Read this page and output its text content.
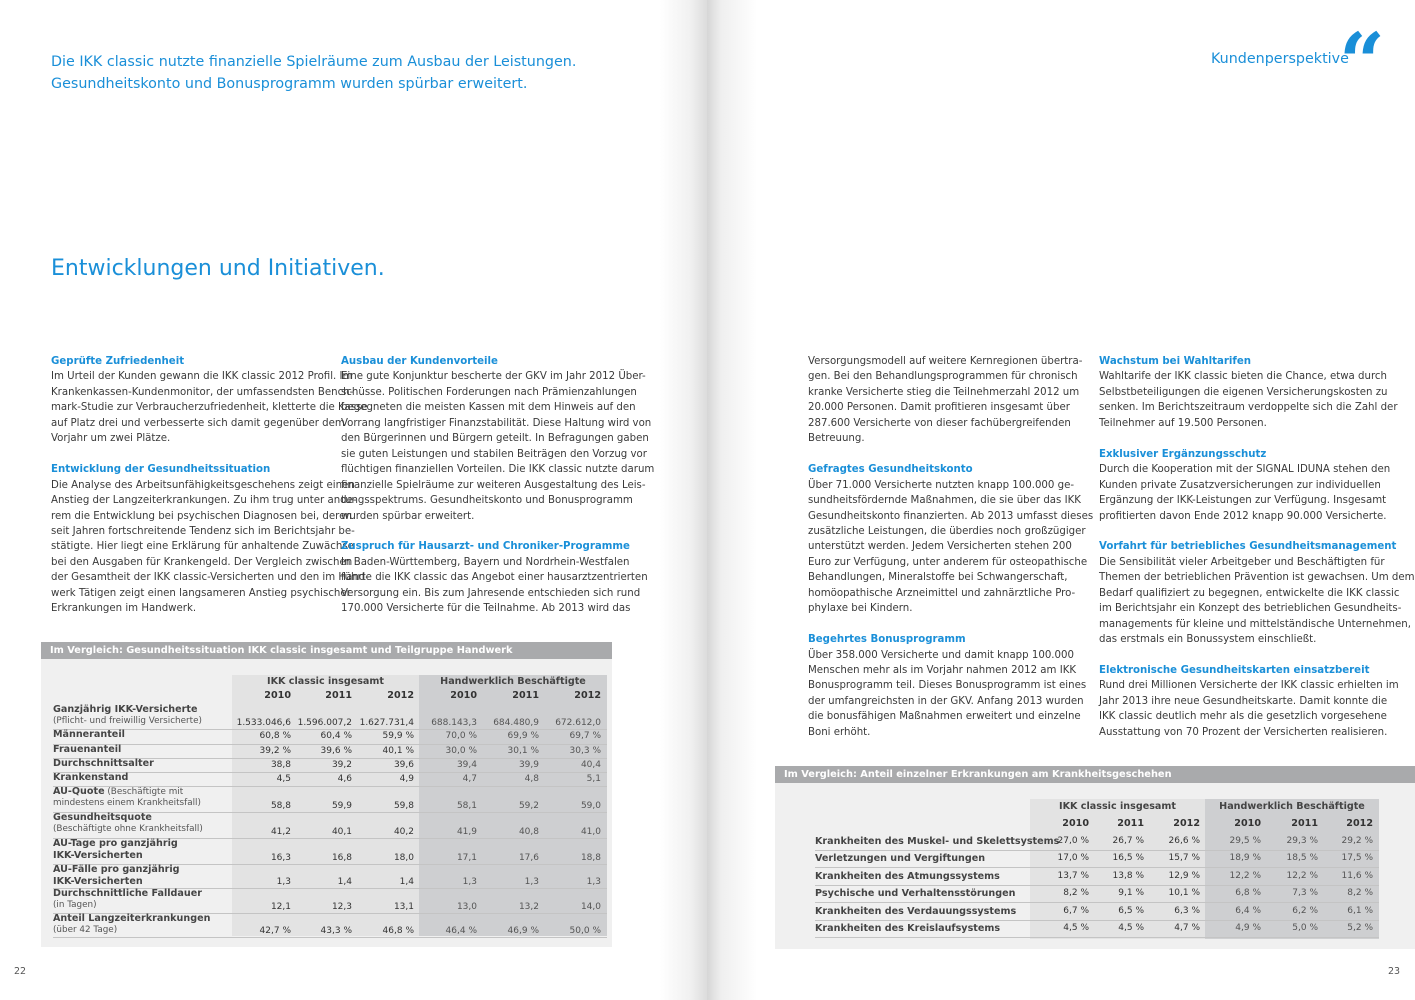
Die IKK classic nutzte finanzielle Spielräume zum Ausbau der Leistungen.
Gesundheitskonto und Bonusprogramm wurden spürbar erweitert.
Entwicklungen und Initiativen.
Geprüfte Zufriedenheit
Im Urteil der Kunden gewann die IKK classic 2012 Profil. Im
Krankenkassen-Kundenmonitor, der umfassendsten Bench-
mark-Studie zur Verbraucherzufriedenheit, kletterte die Kasse
auf Platz drei und verbesserte sich damit gegenüber dem
Vorjahr um zwei Plätze.
Entwicklung der Gesundheitssituation
Die Analyse des Arbeitsunfähigkeitsgeschehens zeigt einen
Anstieg der Langzeiterkrankungen. Zu ihm trug unter ande-
rem die Entwicklung bei psychischen Diagnosen bei, deren
seit Jahren fortschreitende Tendenz sich im Berichtsjahr be-
stätigte. Hier liegt eine Erklärung für anhaltende Zuwächse
bei den Ausgaben für Krankengeld. Der Vergleich zwischen
der Gesamtheit der IKK classic-Versicherten und den im Hand-
werk Tätigen zeigt einen langsameren Anstieg psychischer
Erkrankungen im Handwerk.
Ausbau der Kundenvorteile
Eine gute Konjunktur bescherte der GKV im Jahr 2012 Über-
schüsse. Politischen Forderungen nach Prämienzahlungen
begegneten die meisten Kassen mit dem Hinweis auf den
Vorrang langfristiger Finanzstabilität. Diese Haltung wird von
den Bürgerinnen und Bürgern geteilt. In Befragungen gaben
sie guten Leistungen und stabilen Beiträgen den Vorzug vor
flüchtigen finanziellen Vorteilen. Die IKK classic nutzte darum
finanzielle Spielräume zur weiteren Ausgestaltung des Leis-
tungsspektrums. Gesundheitskonto und Bonusprogramm
wurden spürbar erweitert.
Zuspruch für Hausarzt- und Chroniker-Programme
In Baden-Württemberg, Bayern und Nordrhein-Westfalen
führte die IKK classic das Angebot einer hausarztzentrierten
Versorgung ein. Bis zum Jahresende entschieden sich rund
170.000 Versicherte für die Teilnahme. Ab 2013 wird das
Im Vergleich: Gesundheitssituation IKK classic insgesamt und Teilgruppe Handwerk
IKK classic insgesamt	Handwerklich Beschäftigte
2010	2011	2012	2010	2011	2012
Ganzjährig IKK-Versicherte
(Pflicht- und freiwillig Versicherte)	1.533.046,6 1.596.007,2 1.627.731,4	688.143,3	684.480,9	672.612,0
Männeranteil	60,8 %	60,4 %	59,9 %	70,0 %	69,9 %	69,7 %
Frauenanteil	39,2 %	39,6 %	40,1 %	30,0 %	30,1 %	30,3 %
Durchschnittsalter	38,8	39,2	39,6	39,4	39,9	40,4
Krankenstand	4,5	4,6	4,9	4,7	4,8	5,1
AU-Quote (Beschäftigte mit
mindestens einem Krankheitsfall)	58,8	59,9	59,8	58,1	59,2	59,0
Gesundheitsquote
(Beschäftigte ohne Krankheitsfall)	41,2	40,1	40,2	41,9	40,8	41,0
AU-Tage pro ganzjährig
IKK-Versicherten	16,3	16,8	18,0	17,1	17,6	18,8
AU-Fälle pro ganzjährig
IKK-Versicherten	1,3	1,4	1,4	1,3	1,3	1,3
Durchschnittliche Falldauer
(in Tagen)	12,1	12,3	13,1	13,0	13,2	14,0
Anteil Langzeiterkrankungen
(über 42 Tage)	42,7 %	43,3 %	46,8 %	46,4 %	46,9 %	50,0 %
22
Kundenperspektive
“
Versorgungsmodell auf weitere Kernregionen übertra-
gen. Bei den Behandlungsprogrammen für chronisch
kranke Versicherte stieg die Teilnehmerzahl 2012 um
20.000 Personen. Damit profitieren insgesamt über
287.600 Versicherte von dieser fachübergreifenden
Betreuung.
Gefragtes Gesundheitskonto
Über 71.000 Versicherte nutzten knapp 100.000 ge-
sundheitsfördernde Maßnahmen, die sie über das IKK
Gesundheitskonto finanzierten. Ab 2013 umfasst dieses
zusätzliche Leistungen, die überdies noch großzügiger
unterstützt werden. Jedem Versicherten stehen 200
Euro zur Verfügung, unter anderem für osteopathische
Behandlungen, Mineralstoffe bei Schwangerschaft,
homöopathische Arzneimittel und zahnärztliche Pro-
phylaxe bei Kindern.
Begehrtes Bonusprogramm
Über 358.000 Versicherte und damit knapp 100.000
Menschen mehr als im Vorjahr nahmen 2012 am IKK
Bonusprogramm teil. Dieses Bonusprogramm ist eines
der umfangreichsten in der GKV. Anfang 2013 wurden
die bonusfähigen Maßnahmen erweitert und einzelne
Boni erhöht.
Wachstum bei Wahltarifen
Wahltarife der IKK classic bieten die Chance, etwa durch
Selbstbeteiligungen die eigenen Versicherungskosten zu
senken. Im Berichtszeitraum verdoppelte sich die Zahl der
Teilnehmer auf 19.500 Personen.
Exklusiver Ergänzungsschutz
Durch die Kooperation mit der SIGNAL IDUNA stehen den
Kunden private Zusatzversicherungen zur individuellen
Ergänzung der IKK-Leistungen zur Verfügung. Insgesamt
profitierten davon Ende 2012 knapp 90.000 Versicherte.
Vorfahrt für betriebliches Gesundheitsmanagement
Die Sensibilität vieler Arbeitgeber und Beschäftigten für
Themen der betrieblichen Prävention ist gewachsen. Um dem
Bedarf qualifiziert zu begegnen, entwickelte die IKK classic
im Berichtsjahr ein Konzept des betrieblichen Gesundheits-
managements für kleine und mittelständische Unternehmen,
das erstmals ein Bonussystem einschließt.
Elektronische Gesundheitskarten einsatzbereit
Rund drei Millionen Versicherte der IKK classic erhielten im
Jahr 2013 ihre neue Gesundheitskarte. Damit konnte die
IKK classic deutlich mehr als die gesetzlich vorgesehene
Ausstattung von 70 Prozent der Versicherten realisieren.
Im Vergleich: Anteil einzelner Erkrankungen am Krankheitsgeschehen
IKK classic insgesamt	Handwerklich Beschäftigte
2010	2011	2012	2010	2011	2012
Krankheiten des Muskel- und Skelettsystems
27,0 %	26,7 %	26,6 %	29,5 %	29,3 %	29,2 %
Verletzungen und Vergiftungen	17,0 %	16,5 %	15,7 %	18,9 %	18,5 %	17,5 %
Krankheiten des Atmungssystems	13,7 %	13,8 %	12,9 %	12,2 %	12,2 %	11,6 %
Psychische und Verhaltensstörungen	8,2 %	9,1 %	10,1 %	6,8 %	7,3 %	8,2 %
Krankheiten des Verdauungssystems	6,7 %	6,5 %	6,3 %	6,4 %	6,2 %	6,1 %
Krankheiten des Kreislaufsystems	4,5 %	4,5 %	4,7 %	4,9 %	5,0 %	5,2 %
23
